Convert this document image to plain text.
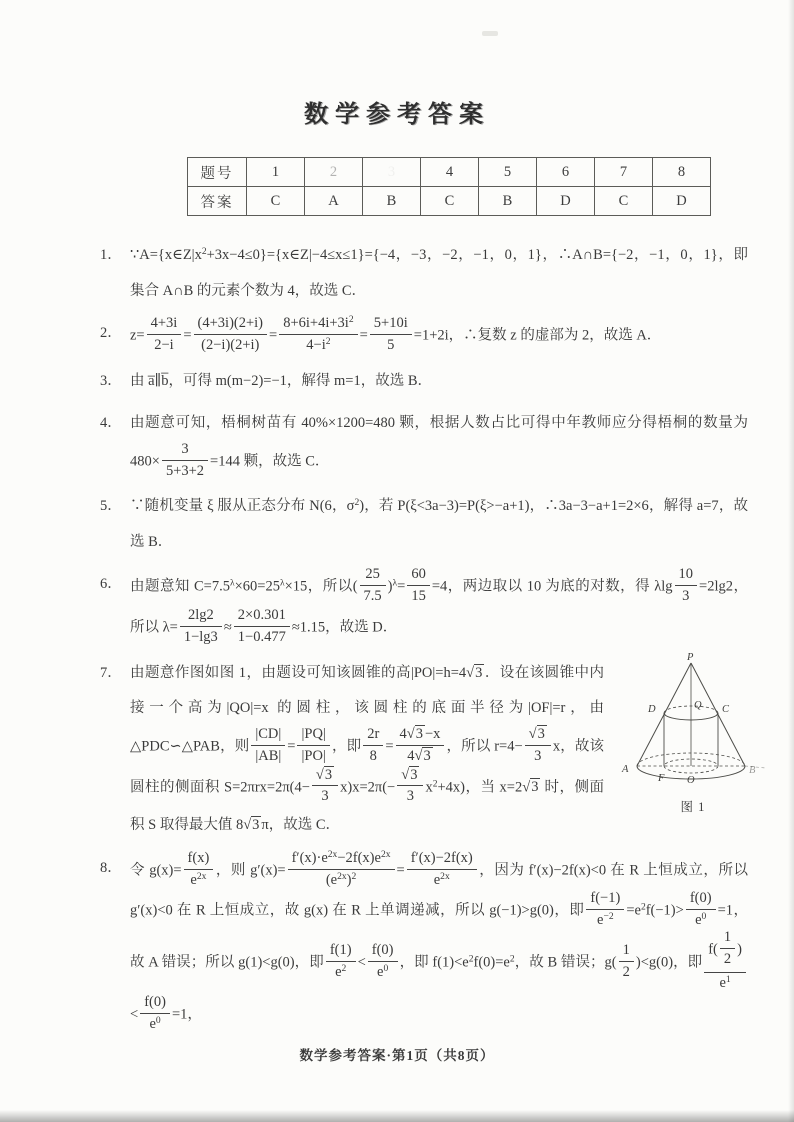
数学参考答案
题号	1	2	3	4	5	6	7	8
答案	C	A	B	C	B	D	C	D
1． $\because A=\{x\in Z|x^2+3x-4\le 0\}=\{x\in Z|-4\le x\le 1\}=\{-4$，−3，−2，−1，0，1}，∴A∩B={−2，−1，0，1}，即集合 A∩B 的元素个数为 4，故选 C．
2． $z= \frac{4+3i}{2-i} = \frac{(4+3i)(2+i)}{(2-i)(2+i)} = \frac{8+6i+4i+3i^2}{4-i^2} = \frac{5+10i}{5} =1+2i$，∴复数 z 的虚部为 2，故选 A．
3． 由 a̅∥b̅，可得 m(m−2)=−1，解得 m=1，故选 B．
4． 由题意可知，梧桐树苗有 40%×1200=480 颗，根据人数占比可得中年教师应分得梧桐的数量为 $480\times \frac{3}{5+3+2} =144$ 颗，故选 C．
5． ∵随机变量 ξ 服从正态分布 N(6，$\sigma^2$)，若 P(ξ<3a−3)=P(ξ>−a+1)，∴3a−3−a+1=2×6，解得 a=7，故选 B．
6． 由题意知 $C=7.5^\lambda\times 60=25^\lambda\times 15$，所以( $\frac{25}{7.5} )^\lambda= \frac{60}{15} =4$，两边取以 10 为底的对数，得 λlg $\frac{10}{3} =2\lg 2$，所以 $\lambda= \frac{2\lg 2}{1-\lg 3} \approx \frac{2\times 0.301}{1-0.477} \approx 1.15$，故选 D．
7．
P
D	Q C
A
F O
B
图 1
由题意作图如图 1，由题设可知该圆锥的高|PO|=h=4√3 ．设在该圆锥中内接一个高为|QO|=x 的圆柱，该圆柱的底面半径为|OF|=r，由 △PDC∽△PAB，则 $\frac{|CD|}{|AB|} = \frac{|PQ|}{|PO|}$ ，即 $\frac{2r}{8} = \frac{4√3 -x}{4√3}$ ，所以 $r=4- \frac{√3}{3}$ x，故该圆柱的侧面积 $S=2\pi rx=2\pi(4- \frac{√3}{3} x)x=2\pi(- \frac{√3}{3} x^2+4x)$，当 x=2√3 时，侧面积 S 取得最大值 8√3 π，故选 C．
8． 令 $g(x)= \frac{f(x)}{e^{2x}}$ ，则 $g'(x)= \frac{f'(x)\cdot e^{2x}-2f(x)e^{2x}}{(e^{2x})^2} = \frac{f'(x)-2f(x)}{e^{2x}}$ ，因为 f′(x)−2f(x)<0 在 R 上恒成立，所以 g′(x)<0 在 R 上恒成立，故 g(x) 在 R 上单调递减，所以 g(−1)>g(0)，即 $\frac{f(-1)}{e^{-2}} =e^2f(-1)> \frac{f(0)}{e^0} =1$，故 A 错误；所以 g(1)<g(0)，即 $\frac{f(1)}{e^2} < \frac{f(0)}{e^0}$ ，即 $f(1)<e^2f(0)=e^2$，故 B 错误；$g( \frac{1}{2} )<g(0)$，即 $\frac{f( \frac{1}{2} )}{e^1}$
< $\frac{f(0)}{e^0} =1$，
数学参考答案·第1页（共8页）
